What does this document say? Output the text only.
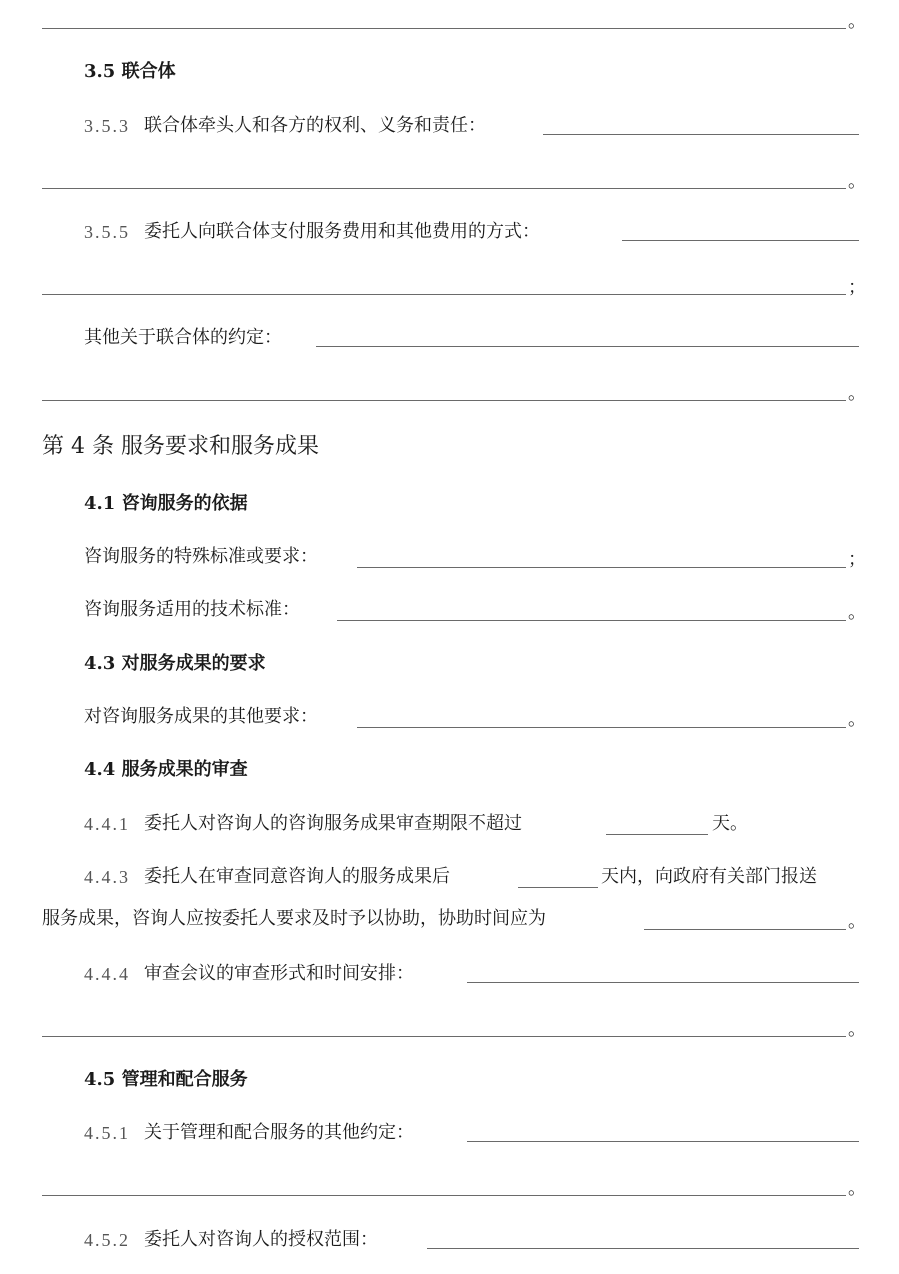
。
3.5 联合体
3.5.3 联合体牵头人和各方的权利、义务和责任：
。
3.5.5 委托人向联合体支付服务费用和其他费用的方式：
；
其他关于联合体的约定：
。
第 4 条 服务要求和服务成果
4.1 咨询服务的依据
咨询服务的特殊标准或要求：	；
咨询服务适用的技术标准：	。
4.3 对服务成果的要求
对咨询服务成果的其他要求：	。
4.4 服务成果的审查
4.4.1 委托人对咨询人的咨询服务成果审查期限不超过	天。
4.4.3 委托人在审查同意咨询人的服务成果后	天内，向政府有关部门报送
服务成果，咨询人应按委托人要求及时予以协助，协助时间应为	。
4.4.4 审查会议的审查形式和时间安排：
。
4.5 管理和配合服务
4.5.1 关于管理和配合服务的其他约定：
。
4.5.2 委托人对咨询人的授权范围：
